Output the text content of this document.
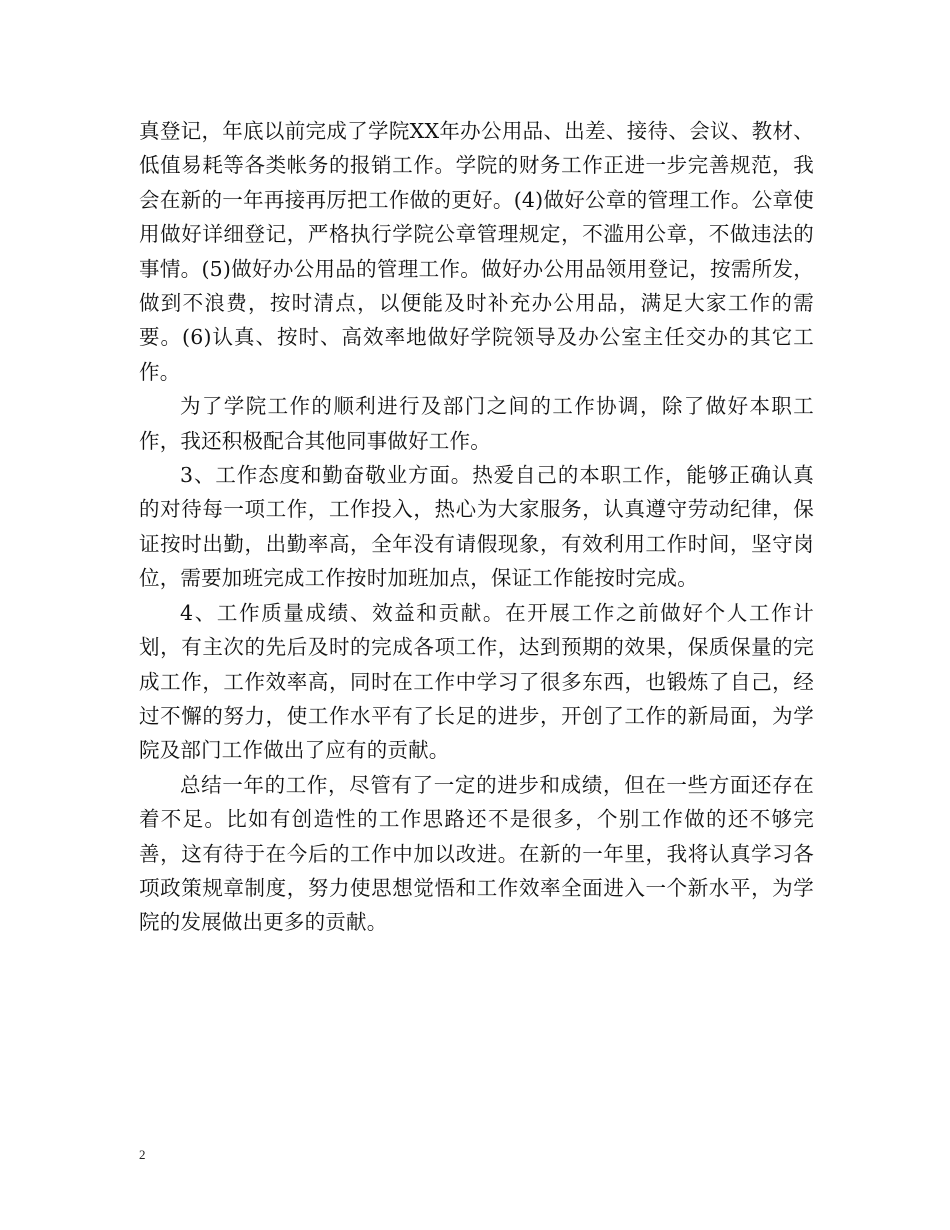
真登记，年底以前完成了学院XX年办公用品、出差、接待、会议、教材、低值易耗等各类帐务的报销工作。学院的财务工作正进一步完善规范，我会在新的一年再接再厉把工作做的更好。(4)做好公章的管理工作。公章使用做好详细登记，严格执行学院公章管理规定，不滥用公章，不做违法的事情。(5)做好办公用品的管理工作。做好办公用品领用登记，按需所发，做到不浪费，按时清点，以便能及时补充办公用品，满足大家工作的需要。(6)认真、按时、高效率地做好学院领导及办公室主任交办的其它工作。

为了学院工作的顺利进行及部门之间的工作协调，除了做好本职工作，我还积极配合其他同事做好工作。

3、工作态度和勤奋敬业方面。热爱自己的本职工作，能够正确认真的对待每一项工作，工作投入，热心为大家服务，认真遵守劳动纪律，保证按时出勤，出勤率高，全年没有请假现象，有效利用工作时间，坚守岗位，需要加班完成工作按时加班加点，保证工作能按时完成。

4、工作质量成绩、效益和贡献。在开展工作之前做好个人工作计划，有主次的先后及时的完成各项工作，达到预期的效果，保质保量的完成工作，工作效率高，同时在工作中学习了很多东西，也锻炼了自己，经过不懈的努力，使工作水平有了长足的进步，开创了工作的新局面，为学院及部门工作做出了应有的贡献。

总结一年的工作，尽管有了一定的进步和成绩，但在一些方面还存在着不足。比如有创造性的工作思路还不是很多，个别工作做的还不够完善，这有待于在今后的工作中加以改进。在新的一年里，我将认真学习各项政策规章制度，努力使思想觉悟和工作效率全面进入一个新水平，为学院的发展做出更多的贡献。

2
